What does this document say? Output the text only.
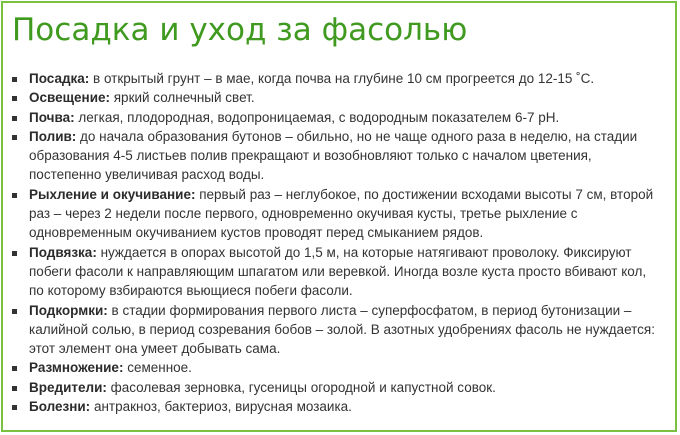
Посадка и уход за фасолью
Посадка: в открытый грунт – в мае, когда почва на глубине 10 см прогреется до 12-15 ˚С.
Освещение: яркий солнечный свет.
Почва: легкая, плодородная, водопроницаемая, с водородным показателем 6-7 рН.
Полив: до начала образования бутонов – обильно, но не чаще одного раза в неделю, на стадии образования 4-5 листьев полив прекращают и возобновляют только с началом цветения, постепенно увеличивая расход воды.
Рыхление и окучивание: первый раз – неглубокое, по достижении всходами высоты 7 см, второй раз – через 2 недели после первого, одновременно окучивая кусты, третье рыхление с одновременным окучиванием кустов проводят перед смыканием рядов.
Подвязка: нуждается в опорах высотой до 1,5 м, на которые натягивают проволоку. Фиксируют побеги фасоли к направляющим шпагатом или веревкой. Иногда возле куста просто вбивают кол, по которому взбираются вьющиеся побеги фасоли.
Подкормки: в стадии формирования первого листа – суперфосфатом, в период бутонизации – калийной солью, в период созревания бобов – золой. В азотных удобрениях фасоль не нуждается: этот элемент она умеет добывать сама.
Размножение: семенное.
Вредители: фасолевая зерновка, гусеницы огородной и капустной совок.
Болезни: антракноз, бактериоз, вирусная мозаика.
